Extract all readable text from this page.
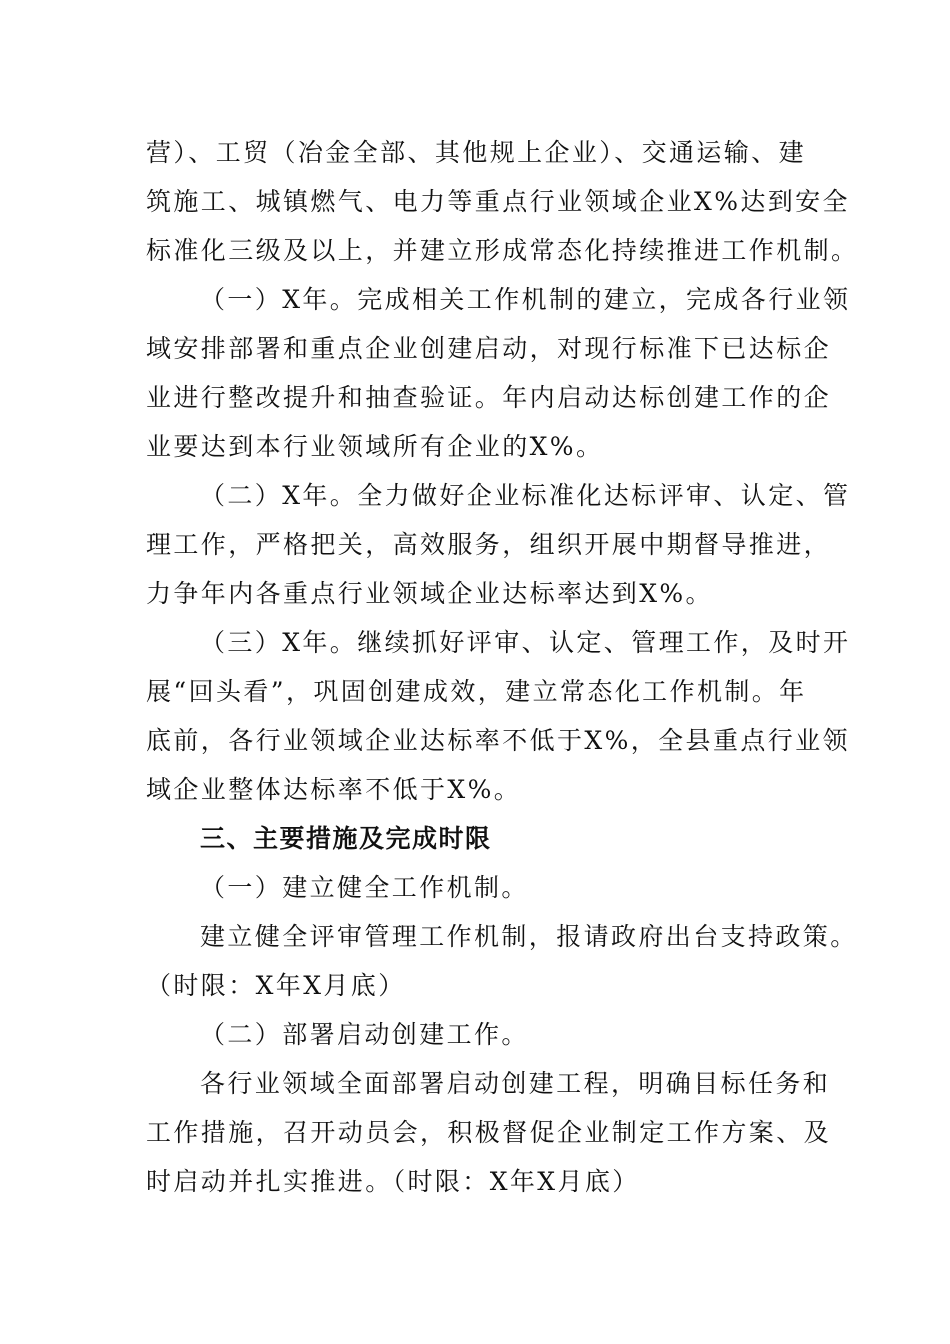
营）、工贸（冶金全部、其他规上企业）、交通运输、建
筑施工、城镇燃气、电力等重点行业领域企业X%达到安全
标准化三级及以上，并建立形成常态化持续推进工作机制。
（一）X年。完成相关工作机制的建立，完成各行业领
域安排部署和重点企业创建启动，对现行标准下已达标企
业进行整改提升和抽查验证。年内启动达标创建工作的企
业要达到本行业领域所有企业的X%。
（二）X年。全力做好企业标准化达标评审、认定、管
理工作，严格把关，高效服务，组织开展中期督导推进，
力争年内各重点行业领域企业达标率达到X%。
（三）X年。继续抓好评审、认定、管理工作，及时开
展“回头看”，巩固创建成效，建立常态化工作机制。年
底前，各行业领域企业达标率不低于X%，全县重点行业领
域企业整体达标率不低于X%。
三、主要措施及完成时限
（一）建立健全工作机制。
建立健全评审管理工作机制，报请政府出台支持政策。
（时限：X年X月底）
（二）部署启动创建工作。
各行业领域全面部署启动创建工程，明确目标任务和
工作措施，召开动员会，积极督促企业制定工作方案、及
时启动并扎实推进。（时限：X年X月底）
